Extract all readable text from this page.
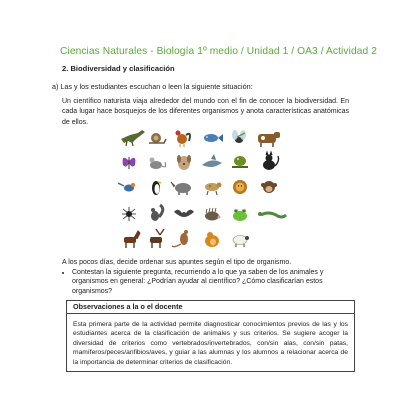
Ciencias Naturales - Biología 1º medio / Unidad 1 / OA3 / Actividad 2
2. Biodiversidad y clasificación
a) Las y los estudiantes escuchan o leen la siguiente situación:
Un científico naturista viaja alrededor del mundo con el fin de conocer la biodiversidad. En cada lugar hace bosquejos de los diferentes organismos y anota características anatómicas de ellos.
A los pocos días, decide ordenar sus apuntes según el tipo de organismo.
• Contestan la siguiente pregunta, recurriendo a lo que ya saben de los animales y organismos en general: ¿Podrían ayudar al científico? ¿Cómo clasificarían estos organismos?
Observaciones a la o el docente
Esta primera parte de la actividad permite diagnosticar conocimientos previos de las y los estudiantes acerca de la clasificación de animales y sus criterios. Se sugiere acoger la diversidad de criterios como vertebrados/invertebrados, con/sin alas, con/sin patas, mamíferos/peces/anfibios/aves, y guiar a las alumnas y los alumnos a relacionar acerca de la importancia de determinar criterios de clasificación.
